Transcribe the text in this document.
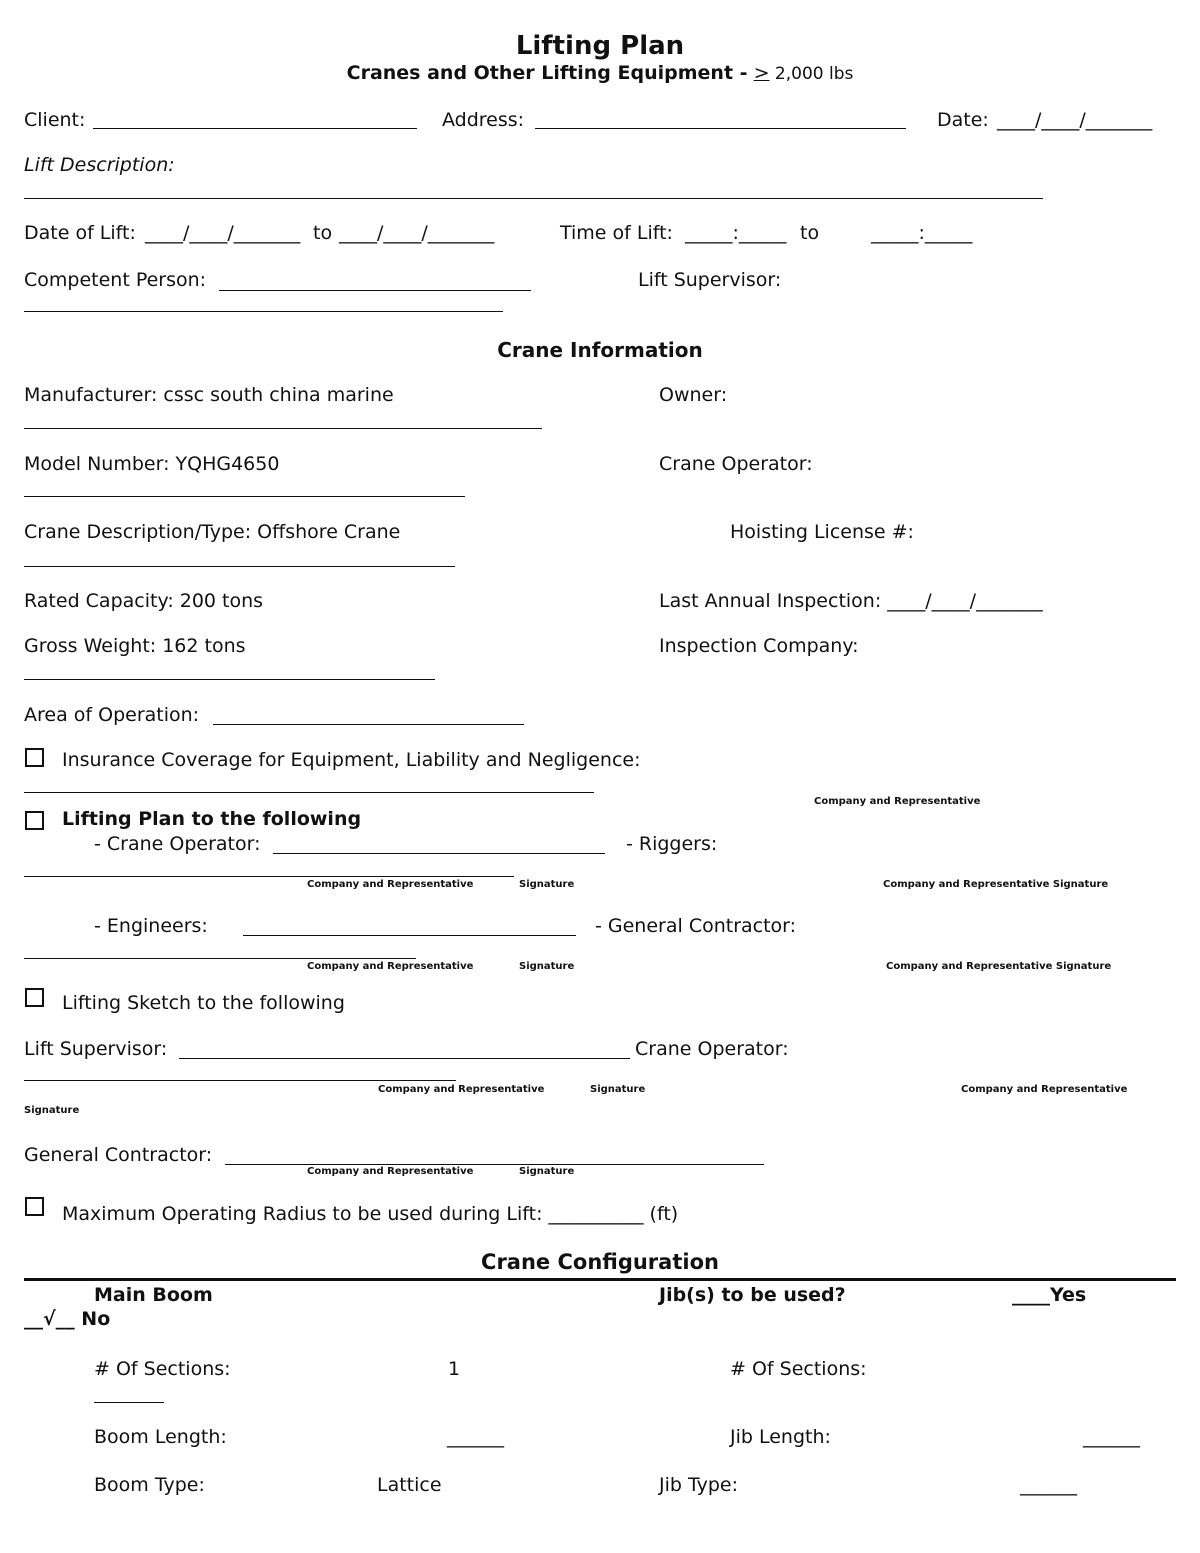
Lifting Plan
Cranes and Other Lifting Equipment - ≥ 2,000 lbs
Client:	Address:	Date: ____/____/_______
Lift Description:
Date of Lift: ____/____/_______ to ____/____/_______	Time of Lift: _____:_____ to	_____:_____
Competent Person:	Lift Supervisor:
Crane Information
Manufacturer: cssc south china marine	Owner:
Model Number: YQHG4650	Crane Operator:
Crane Description/Type: Offshore Crane	Hoisting License #:
Rated Capacity: 200 tons	Last Annual Inspection: ____/____/_______
Gross Weight: 162 tons	Inspection Company:
Area of Operation:
Insurance Coverage for Equipment, Liability and Negligence:
Company and Representative
Lifting Plan to the following
- Crane Operator:	- Riggers:
Company and Representative	Signature	Company and Representative Signature
- Engineers:	- General Contractor:
Company and Representative	Signature	Company and Representative Signature
Lifting Sketch to the following
Lift Supervisor:	Crane Operator:
Company and Representative	Signature	Company and Representative
Signature
General Contractor:
Company and Representative	Signature
Maximum Operating Radius to be used during Lift: __________ (ft)
Crane Configuration
Main Boom	Jib(s) to be used?	____Yes
__√__ No
# Of Sections:	1	# Of Sections:
Boom Length:	______	Jib Length:	______
Boom Type:	Lattice	Jib Type:	______
